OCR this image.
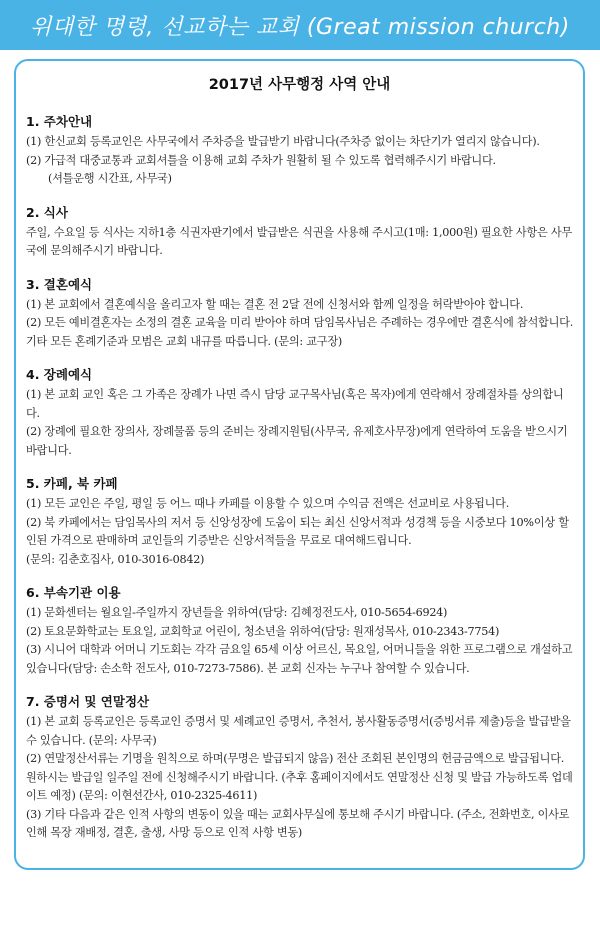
위대한 명령, 선교하는 교회 (Great mission church)
2017년 사무행정 사역 안내
1. 주차안내

(1) 한신교회 등록교인은 사무국에서 주차증을 발급받기 바랍니다(주차증 없이는 차단기가 열리지 않습니다).

(2) 가급적 대중교통과 교회셔틀을 이용해 교회 주차가 원활히 될 수 있도록 협력해주시기 바랍니다.

(셔틀운행 시간표, 사무국)

2. 식사

주일, 수요일 등 식사는 지하1층 식권자판기에서 발급받은 식권을 사용해 주시고(1매: 1,000원) 필요한 사항은 사무국에 문의해주시기 바랍니다.

3. 결혼예식

(1) 본 교회에서 결혼예식을 올리고자 할 때는 결혼 전 2달 전에 신청서와 함께 일정을 허락받아야 합니다.

(2) 모든 예비결혼자는 소정의 결혼 교육을 미리 받아야 하며 담임목사님은 주례하는 경우에만 결혼식에 참석합니다. 기타 모든 혼례기준과 모범은 교회 내규를 따릅니다. (문의: 교구장)

4. 장례예식

(1) 본 교회 교인 혹은 그 가족은 장례가 나면 즉시 담당 교구목사님(혹은 목자)에게 연락해서 장례절차를 상의합니다.

(2) 장례에 필요한 장의사, 장례물품 등의 준비는 장례지원팀(사무국, 유제호사무장)에게 연락하여 도움을 받으시기 바랍니다.

5. 카페, 북 카페

(1) 모든 교인은 주일, 평일 등 어느 때나 카페를 이용할 수 있으며 수익금 전액은 선교비로 사용됩니다.

(2) 북 카페에서는 담임목사의 저서 등 신앙성장에 도움이 되는 최신 신앙서적과 성경책 등을 시중보다 10%이상 할인된 가격으로 판매하며 교인들의 기증받은 신앙서적들을 무료로 대여해드립니다.

(문의: 김춘호집사, 010-3016-0842)

6. 부속기관 이용

(1) 문화센터는 월요일-주일까지 장년들을 위하여(담당: 김혜정전도사, 010-5654-6924)

(2) 토요문화학교는 토요일, 교회학교 어린이, 청소년을 위하여(담당: 원재성목사, 010-2343-7754)

(3) 시니어 대학과 어머니 기도회는 각각 금요일 65세 이상 어르신, 목요일, 어머니들을 위한 프로그램으로 개설하고 있습니다(담당: 손소학 전도사, 010-7273-7586). 본 교회 신자는 누구나 참여할 수 있습니다.

7. 증명서 및 연말정산

(1) 본 교회 등록교인은 등록교인 증명서 및 세례교인 증명서, 추천서, 봉사활동증명서(증빙서류 제출)등을 발급받을 수 있습니다. (문의: 사무국)

(2) 연말정산서류는 기명을 원칙으로 하며(무명은 발급되지 않음) 전산 조회된 본인명의 헌금금액으로 발급됩니다. 원하시는 발급일 일주일 전에 신청해주시기 바랍니다. (추후 홈페이지에서도 연말정산 신청 및 발급 가능하도록 업데이트 예정) (문의: 이현선간사, 010-2325-4611)

(3) 기타 다음과 같은 인적 사항의 변동이 있을 때는 교회사무실에 통보해 주시기 바랍니다. (주소, 전화번호, 이사로 인해 목장 재배정, 결혼, 출생, 사망 등으로 인적 사항 변동)
